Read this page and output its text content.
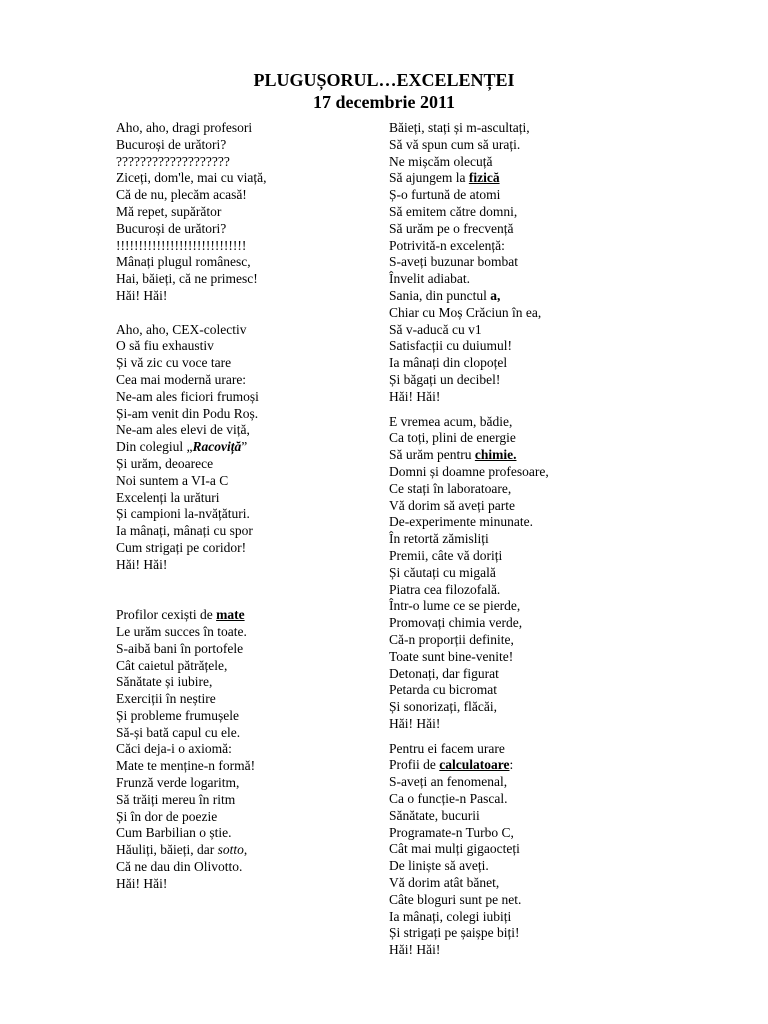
PLUGUȘORUL…EXCELENȚEI
17 decembrie 2011
Aho, aho, dragi profesori
Bucuroși de urători?
???????????????????
Ziceți, dom'le, mai cu viață,
Că de nu, plecăm acasă!
Mă repet, supărător
Bucuroși de urători?
!!!!!!!!!!!!!!!!!!!!!!!!!!!!!
Mânați plugul românesc,
Hai, băieți, că ne primesc!
Hăi! Hăi!
Aho, aho, CEX-colectiv
O să fiu exhaustiv
Și vă zic cu voce tare
Cea mai modernă urare:
Ne-am ales ficiori frumoși
Și-am venit din Podu Roș.
Ne-am ales elevi de viță,
Din colegiul „Racoviță”
Și urăm, deoarece
Noi suntem a VI-a C
Excelenți la urături
Și campioni la-nvățături.
Ia mânați, mânați cu spor
Cum strigați pe coridor!
Hăi! Hăi!
Profilor cexiști de mate
Le urăm succes în toate.
S-aibă bani în portofele
Cât caietul pătrățele,
Sănătate și iubire,
Exerciții în neștire
Și probleme frumușele
Să-și bată capul cu ele.
Căci deja-i o axiomă:
Mate te menține-n formă!
Frunză verde logaritm,
Să trăiți mereu în ritm
Și în dor de poezie
Cum Barbilian o știe.
Hăuliți, băieți, dar sotto,
Că ne dau din Olivotto.
Hăi! Hăi!
Băieți, stați și m-ascultați,
Să vă spun cum să urați.
Ne mișcăm olecuță
Să ajungem la fizică
Ș-o furtună de atomi
Să emitem către domni,
Să urăm pe o frecvență
Potrivită-n excelență:
S-aveți buzunar bombat
Învelit adiabat.
Sania, din punctul a,
Chiar cu Moș Crăciun în ea,
Să v-aducă cu v1
Satisfacții cu duiumul!
Ia mânați din clopoțel
Și băgați un decibel!
Hăi! Hăi!
E vremea acum, bădie,
Ca toți, plini de energie
Să urăm pentru chimie.
Domni și doamne profesoare,
Ce stați în laboratoare,
Vă dorim să aveți parte
De-experimente minunate.
În retortă zămisliți
Premii, câte vă doriți
Și căutați cu migală
Piatra cea filozofală.
Într-o lume ce se pierde,
Promovați chimia verde,
Că-n proporții definite,
Toate sunt bine-venite!
Detonați, dar figurat
Petarda cu bicromat
Și sonorizați, flăcăi,
Hăi! Hăi!
Pentru ei facem urare
Profii de calculatoare:
S-aveți an fenomenal,
Ca o funcție-n Pascal.
Sănătate, bucurii
Programate-n Turbo C,
Cât mai mulți gigaocteți
De liniște să aveți.
Vă dorim atât bănet,
Câte bloguri sunt pe net.
Ia mânați, colegi iubiți
Și strigați pe șaișpe biți!
Hăi! Hăi!
